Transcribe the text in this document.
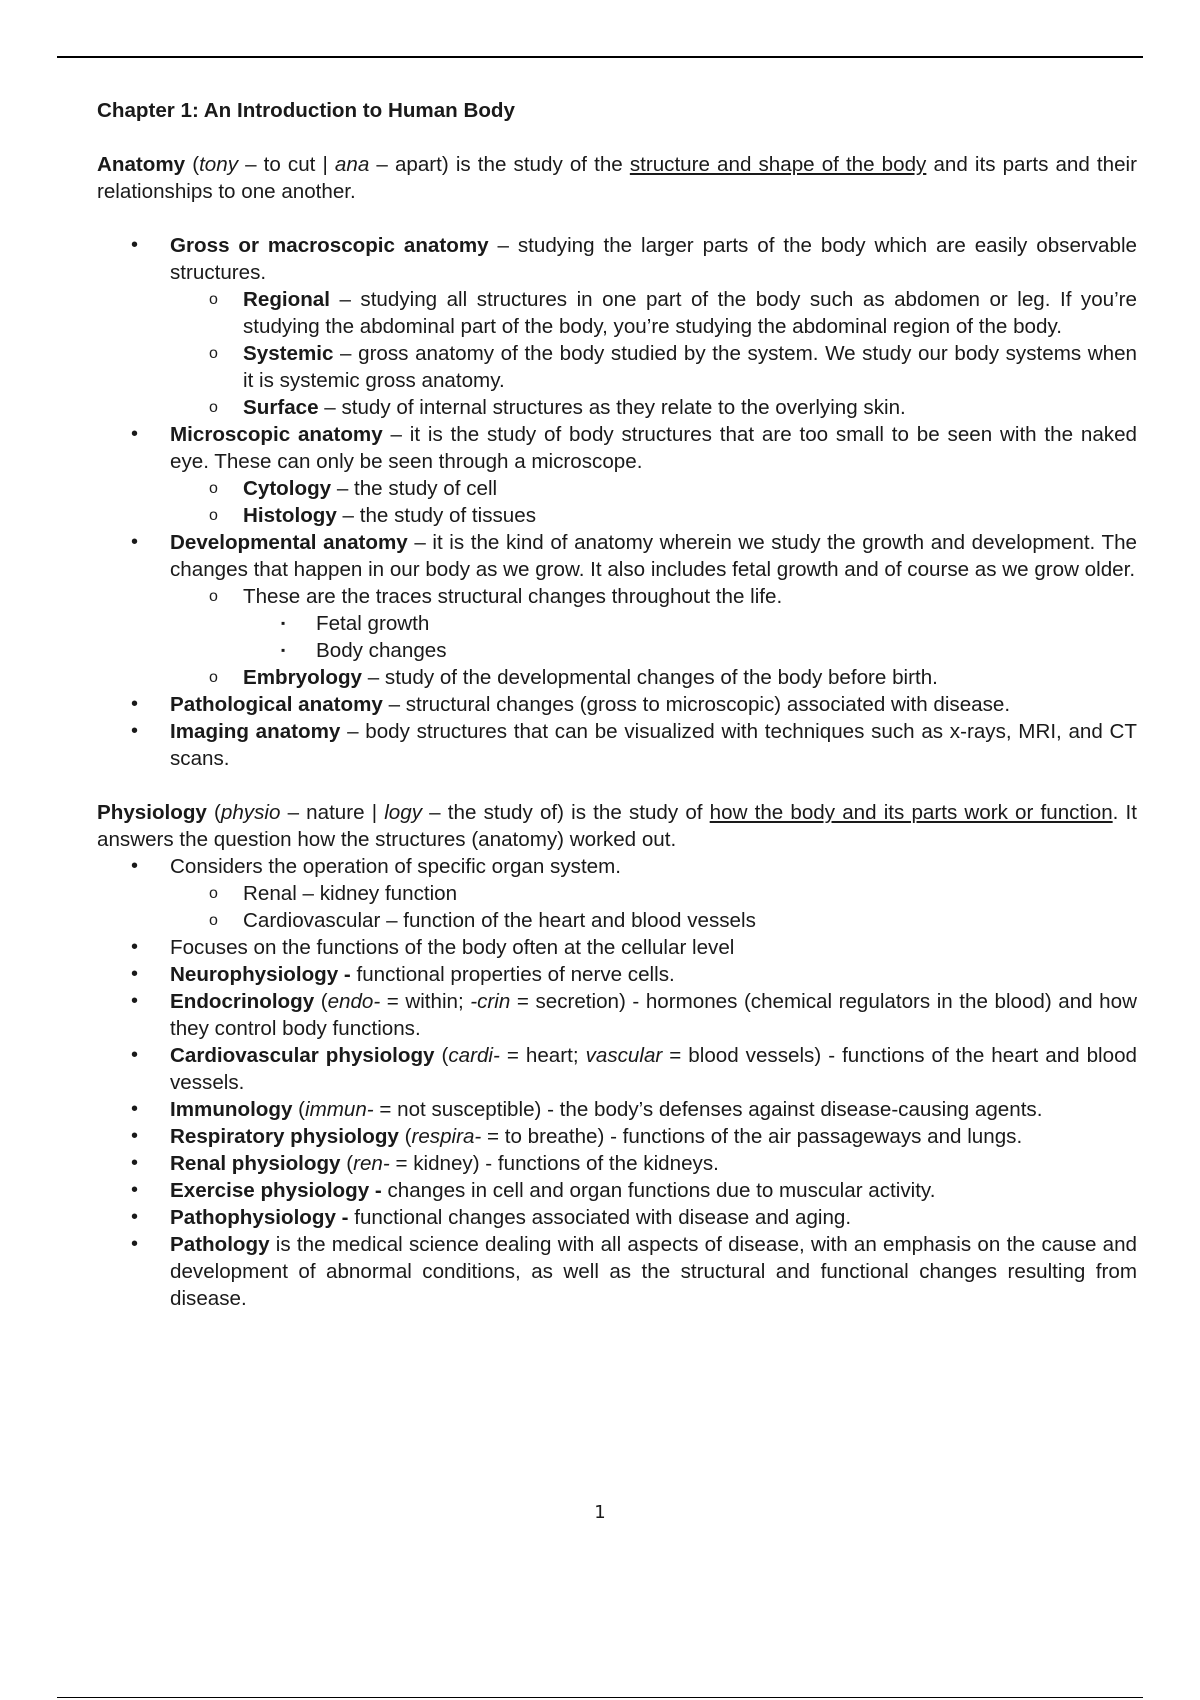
Chapter 1: An Introduction to Human Body

Anatomy (tony – to cut | ana – apart) is the study of the structure and shape of the body and its parts and their relationships to one another.

• Gross or macroscopic anatomy – studying the larger parts of the body which are easily observable structures.
o Regional – studying all structures in one part of the body such as abdomen or leg. If you’re studying the abdominal part of the body, you’re studying the abdominal region of the body.
o Systemic – gross anatomy of the body studied by the system. We study our body systems when it is systemic gross anatomy.
o Surface – study of internal structures as they relate to the overlying skin.
• Microscopic anatomy – it is the study of body structures that are too small to be seen with the naked eye. These can only be seen through a microscope.
o Cytology – the study of cell
o Histology – the study of tissues
• Developmental anatomy – it is the kind of anatomy wherein we study the growth and development. The changes that happen in our body as we grow. It also includes fetal growth and of course as we grow older.
o These are the traces structural changes throughout the life.
▪ Fetal growth
▪ Body changes
o Embryology – study of the developmental changes of the body before birth.
• Pathological anatomy – structural changes (gross to microscopic) associated with disease.
• Imaging anatomy – body structures that can be visualized with techniques such as x-rays, MRI, and CT scans.

Physiology (physio – nature | logy – the study of) is the study of how the body and its parts work or function. It answers the question how the structures (anatomy) worked out.

• Considers the operation of specific organ system.
o Renal – kidney function
o Cardiovascular – function of the heart and blood vessels
• Focuses on the functions of the body often at the cellular level
• Neurophysiology - functional properties of nerve cells.
• Endocrinology (endo- = within; -crin = secretion) - hormones (chemical regulators in the blood) and how they control body functions.
• Cardiovascular physiology (cardi- = heart; vascular = blood vessels) - functions of the heart and blood vessels.
• Immunology (immun- = not susceptible) - the body’s defenses against disease-causing agents.
• Respiratory physiology (respira- = to breathe) - functions of the air passageways and lungs.
• Renal physiology (ren- = kidney) - functions of the kidneys.
• Exercise physiology - changes in cell and organ functions due to muscular activity.
• Pathophysiology - functional changes associated with disease and aging.
• Pathology is the medical science dealing with all aspects of disease, with an emphasis on the cause and development of abnormal conditions, as well as the structural and functional changes resulting from disease.
1
